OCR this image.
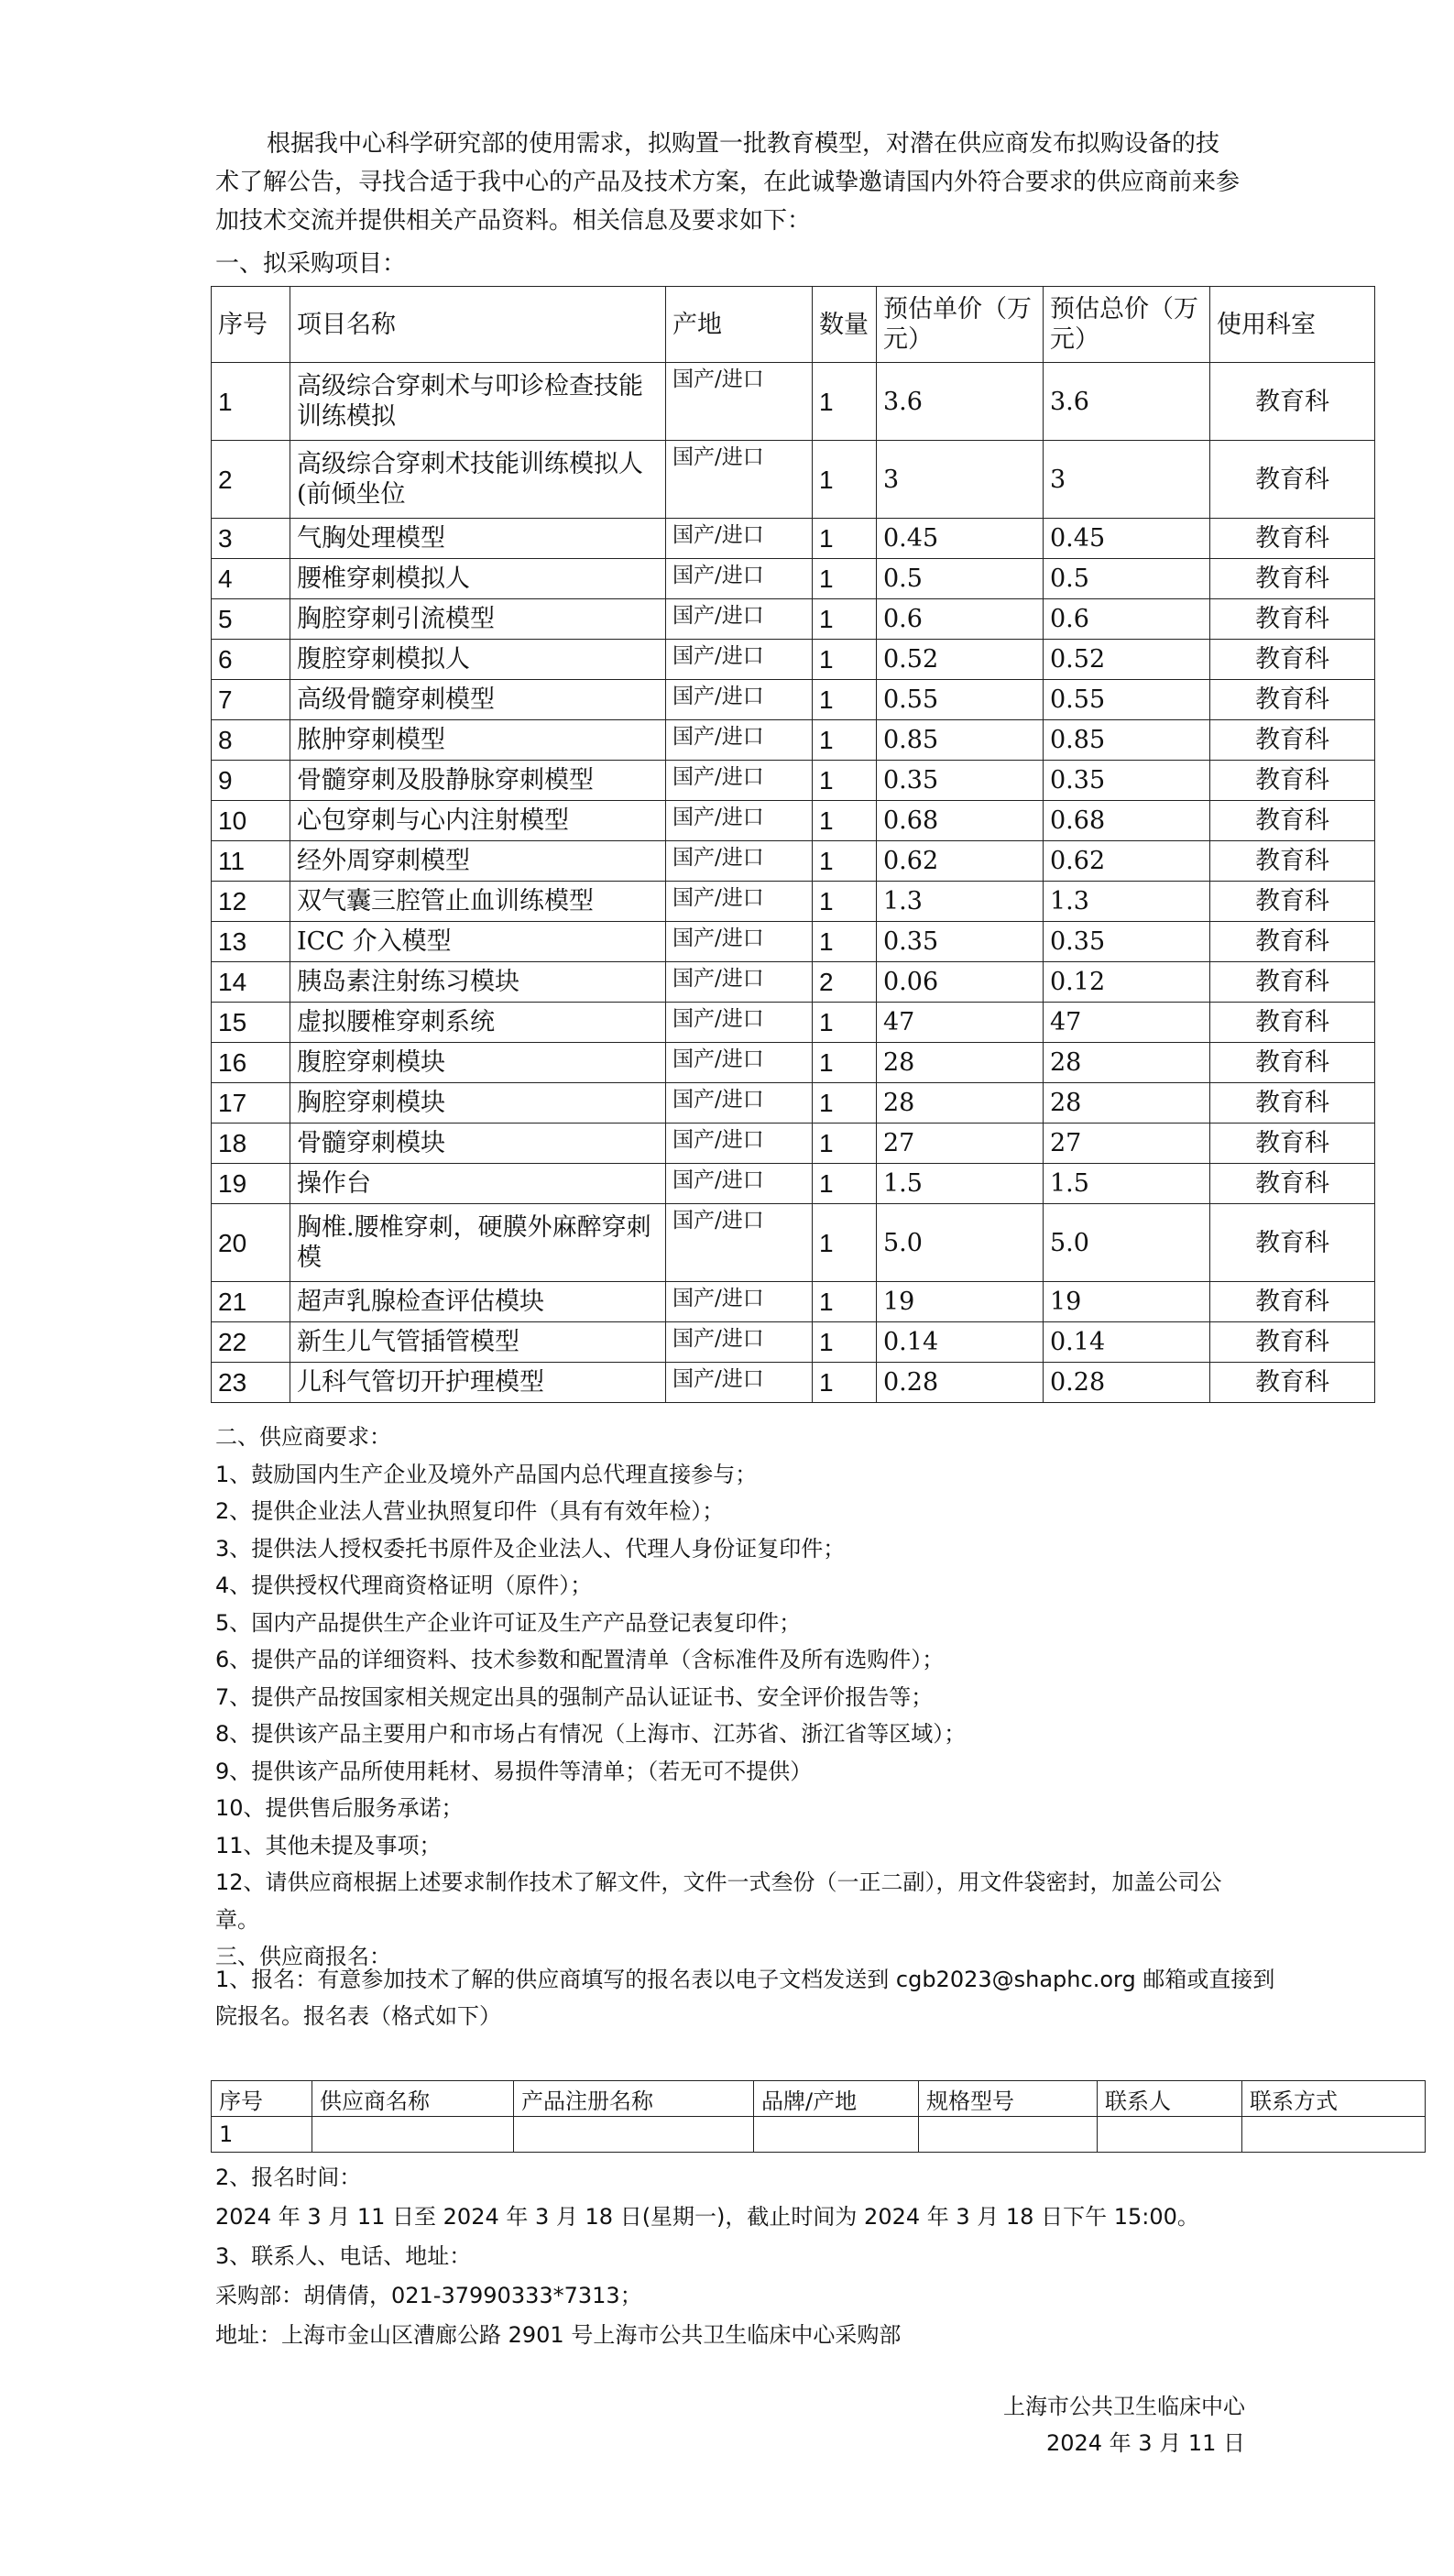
根据我中心科学研究部的使用需求，拟购置一批教育模型，对潜在供应商发布拟购设备的技术了解公告，寻找合适于我中心的产品及技术方案，在此诚挚邀请国内外符合要求的供应商前来参加技术交流并提供相关产品资料。相关信息及要求如下：

一、拟采购项目：
序号	项目名称	产地	数量	预估单价（万元）	预估总价（万元）	使用科室
1	高级综合穿刺术与叩诊检查技能训练模拟	国产/进口	1	3.6	3.6	教育科
2	高级综合穿刺术技能训练模拟人(前倾坐位	国产/进口	1	3	3	教育科
3	气胸处理模型	国产/进口	1	0.45	0.45	教育科
4	腰椎穿刺模拟人	国产/进口	1	0.5	0.5	教育科
5	胸腔穿刺引流模型	国产/进口	1	0.6	0.6	教育科
6	腹腔穿刺模拟人	国产/进口	1	0.52	0.52	教育科
7	高级骨髓穿刺模型	国产/进口	1	0.55	0.55	教育科
8	脓肿穿刺模型	国产/进口	1	0.85	0.85	教育科
9	骨髓穿刺及股静脉穿刺模型	国产/进口	1	0.35	0.35	教育科
10	心包穿刺与心内注射模型	国产/进口	1	0.68	0.68	教育科
11	经外周穿刺模型	国产/进口	1	0.62	0.62	教育科
12	双气囊三腔管止血训练模型	国产/进口	1	1.3	1.3	教育科
13	ICC 介入模型	国产/进口	1	0.35	0.35	教育科
14	胰岛素注射练习模块	国产/进口	2	0.06	0.12	教育科
15	虚拟腰椎穿刺系统	国产/进口	1	47	47	教育科
16	腹腔穿刺模块	国产/进口	1	28	28	教育科
17	胸腔穿刺模块	国产/进口	1	28	28	教育科
18	骨髓穿刺模块	国产/进口	1	27	27	教育科
19	操作台	国产/进口	1	1.5	1.5	教育科
20	胸椎.腰椎穿刺，硬膜外麻醉穿刺模	国产/进口	1	5.0	5.0	教育科
21	超声乳腺检查评估模块	国产/进口	1	19	19	教育科
22	新生儿气管插管模型	国产/进口	1	0.14	0.14	教育科
23	儿科气管切开护理模型	国产/进口	1	0.28	0.28	教育科

二、供应商要求：

1、鼓励国内生产企业及境外产品国内总代理直接参与；

2、提供企业法人营业执照复印件（具有有效年检）；

3、提供法人授权委托书原件及企业法人、代理人身份证复印件；

4、提供授权代理商资格证明（原件）；

5、国内产品提供生产企业许可证及生产产品登记表复印件；

6、提供产品的详细资料、技术参数和配置清单（含标准件及所有选购件）；

7、提供产品按国家相关规定出具的强制产品认证证书、安全评价报告等；

8、提供该产品主要用户和市场占有情况（上海市、江苏省、浙江省等区域）；

9、提供该产品所使用耗材、易损件等清单；（若无可不提供）

10、提供售后服务承诺；

11、其他未提及事项；

12、请供应商根据上述要求制作技术了解文件，文件一式叁份（一正二副），用文件袋密封，加盖公司公章。

三、供应商报名：

1、报名：有意参加技术了解的供应商填写的报名表以电子文档发送到 cgb2023@shaphc.org 邮箱或直接到院报名。报名表（格式如下）

序号	供应商名称	产品注册名称	品牌/产地	规格型号	联系人	联系方式
1						

2、报名时间：

2024 年 3 月 11 日至 2024 年 3 月 18 日(星期一)，截止时间为 2024 年 3 月 18 日下午 15:00。

3、联系人、电话、地址：

采购部：胡倩倩，021-37990333*7313；

地址：上海市金山区漕廊公路 2901 号上海市公共卫生临床中心采购部

上海市公共卫生临床中心

2024 年 3 月 11 日
